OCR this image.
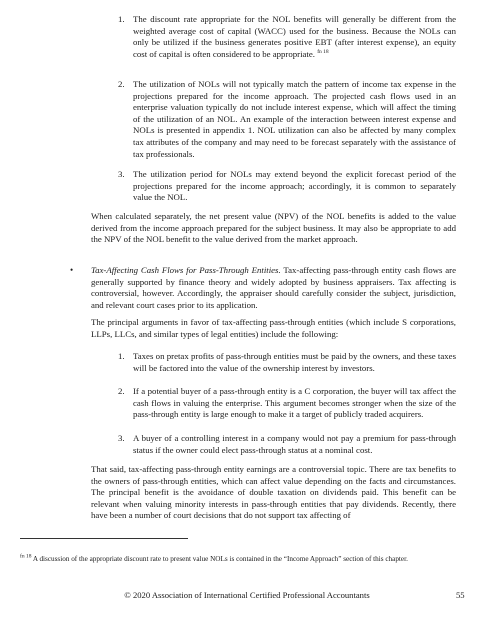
1. The discount rate appropriate for the NOL benefits will generally be different from the weighted average cost of capital (WACC) used for the business. Because the NOLs can only be utilized if the business generates positive EBT (after interest expense), an equity cost of capital is often considered to be appropriate. $^{fn 18}$

2. The utilization of NOLs will not typically match the pattern of income tax expense in the projections prepared for the income approach. The projected cash flows used in an enterprise valuation typically do not include interest expense, which will affect the timing of the utilization of an NOL. An example of the interaction between interest expense and NOLs is presented in appendix 1. NOL utilization can also be affected by many complex tax attributes of the company and may need to be forecast separately with the assistance of tax professionals.

3. The utilization period for NOLs may extend beyond the explicit forecast period of the projections prepared for the income approach; accordingly, it is common to separately value the NOL.

When calculated separately, the net present value (NPV) of the NOL benefits is added to the value derived from the income approach prepared for the subject business. It may also be appropriate to add the NPV of the NOL benefit to the value derived from the market approach.

• Tax-Affecting Cash Flows for Pass-Through Entities. Tax-affecting pass-through entity cash flows are generally supported by finance theory and widely adopted by business appraisers. Tax affecting is controversial, however. Accordingly, the appraiser should carefully consider the subject, jurisdiction, and relevant court cases prior to its application.

The principal arguments in favor of tax-affecting pass-through entities (which include S corporations, LLPs, LLCs, and similar types of legal entities) include the following:

1. Taxes on pretax profits of pass-through entities must be paid by the owners, and these taxes will be factored into the value of the ownership interest by investors.

2. If a potential buyer of a pass-through entity is a C corporation, the buyer will tax affect the cash flows in valuing the enterprise. This argument becomes stronger when the size of the pass-through entity is large enough to make it a target of publicly traded acquirers.

3. A buyer of a controlling interest in a company would not pay a premium for pass-through status if the owner could elect pass-through status at a nominal cost.

That said, tax-affecting pass-through entity earnings are a controversial topic. There are tax benefits to the owners of pass-through entities, which can affect value depending on the facts and circumstances. The principal benefit is the avoidance of double taxation on dividends paid. This benefit can be relevant when valuing minority interests in pass-through entities that pay dividends. Recently, there have been a number of court decisions that do not support tax affecting of

$^{fn 18}$ A discussion of the appropriate discount rate to present value NOLs is contained in the “Income Approach” section of this chapter.

© 2020 Association of International Certified Professional Accountants	55
